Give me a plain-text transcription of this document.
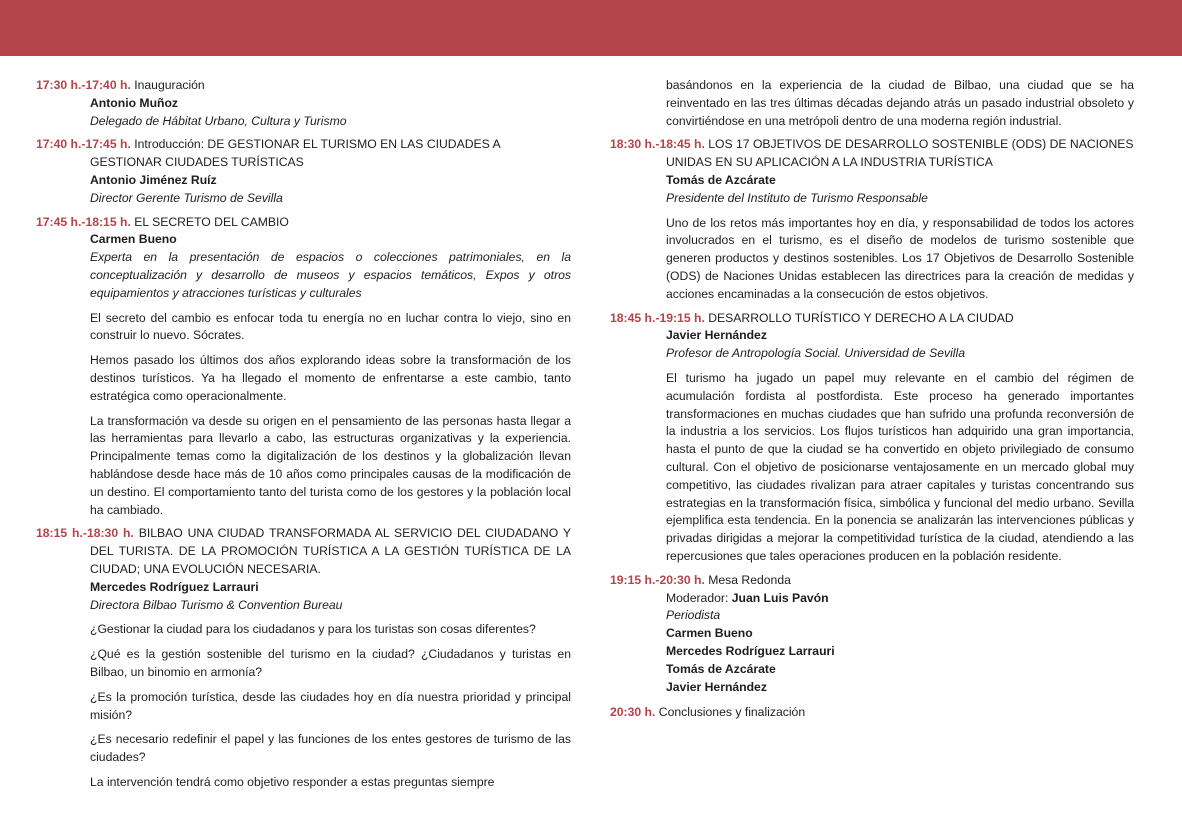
17:30 h.-17:40 h. Inauguración
Antonio Muñoz
Delegado de Hábitat Urbano, Cultura y Turismo
17:40 h.-17:45 h. Introducción: DE GESTIONAR EL TURISMO EN LAS CIUDADES A GESTIONAR CIUDADES TURÍSTICAS
Antonio Jiménez Ruíz
Director Gerente Turismo de Sevilla
17:45 h.-18:15 h. EL SECRETO DEL CAMBIO
Carmen Bueno
Experta en la presentación de espacios o colecciones patrimoniales, en la conceptualización y desarrollo de museos y espacios temáticos, Expos y otros equipamientos y atracciones turísticas y culturales
El secreto del cambio es enfocar toda tu energía no en luchar contra lo viejo, sino en construir lo nuevo. Sócrates.
Hemos pasado los últimos dos años explorando ideas sobre la transformación de los destinos turísticos. Ya ha llegado el momento de enfrentarse a este cambio, tanto estratégica como operacionalmente.
La transformación va desde su origen en el pensamiento de las personas hasta llegar a las herramientas para llevarlo a cabo, las estructuras organizativas y la experiencia. Principalmente temas como la digitalización de los destinos y la globalización llevan hablándose desde hace más de 10 años como principales causas de la modificación de un destino. El comportamiento tanto del turista como de los gestores y la población local ha cambiado.
18:15 h.-18:30 h. BILBAO UNA CIUDAD TRANSFORMADA AL SERVICIO DEL CIUDADANO Y DEL TURISTA. DE LA PROMOCIÓN TURÍSTICA A LA GESTIÓN TURÍSTICA DE LA CIUDAD; UNA EVOLUCIÓN NECESARIA.
Mercedes Rodríguez Larrauri
Directora Bilbao Turismo & Convention Bureau
¿Gestionar la ciudad para los ciudadanos y para los turistas son cosas diferentes?
¿Qué es la gestión sostenible del turismo en la ciudad? ¿Ciudadanos y turistas en Bilbao, un binomio en armonía?
¿Es la promoción turística, desde las ciudades hoy en día nuestra prioridad y principal misión?
¿Es necesario redefinir el papel y las funciones de los entes gestores de turismo de las ciudades?
La intervención tendrá como objetivo responder a estas preguntas siempre
basándonos en la experiencia de la ciudad de Bilbao, una ciudad que se ha reinventado en las tres últimas décadas dejando atrás un pasado industrial obsoleto y convirtiéndose en una metrópoli dentro de una moderna región industrial.
18:30 h.-18:45 h. LOS 17 OBJETIVOS DE DESARROLLO SOSTENIBLE (ODS) DE NACIONES UNIDAS EN SU APLICACIÓN A LA INDUSTRIA TURÍSTICA
Tomás de Azcárate
Presidente del Instituto de Turismo Responsable
Uno de los retos más importantes hoy en día, y responsabilidad de todos los actores involucrados en el turismo, es el diseño de modelos de turismo sostenible que generen productos y destinos sostenibles. Los 17 Objetivos de Desarrollo Sostenible (ODS) de Naciones Unidas establecen las directrices para la creación de medidas y acciones encaminadas a la consecución de estos objetivos.
18:45 h.-19:15 h. DESARROLLO TURÍSTICO Y DERECHO A LA CIUDAD
Javier Hernández
Profesor de Antropología Social. Universidad de Sevilla
El turismo ha jugado un papel muy relevante en el cambio del régimen de acumulación fordista al postfordista. Este proceso ha generado importantes transformaciones en muchas ciudades que han sufrido una profunda reconversión de la industria a los servicios. Los flujos turísticos han adquirido una gran importancia, hasta el punto de que la ciudad se ha convertido en objeto privilegiado de consumo cultural. Con el objetivo de posicionarse ventajosamente en un mercado global muy competitivo, las ciudades rivalizan para atraer capitales y turistas concentrando sus estrategias en la transformación física, simbólica y funcional del medio urbano. Sevilla ejemplifica esta tendencia. En la ponencia se analizarán las intervenciones públicas y privadas dirigidas a mejorar la competitividad turística de la ciudad, atendiendo a las repercusiones que tales operaciones producen en la población residente.
19:15 h.-20:30 h. Mesa Redonda
Moderador: Juan Luis Pavón
Periodista
Carmen Bueno
Mercedes Rodríguez Larrauri
Tomás de Azcárate
Javier Hernández
20:30 h. Conclusiones y finalización
